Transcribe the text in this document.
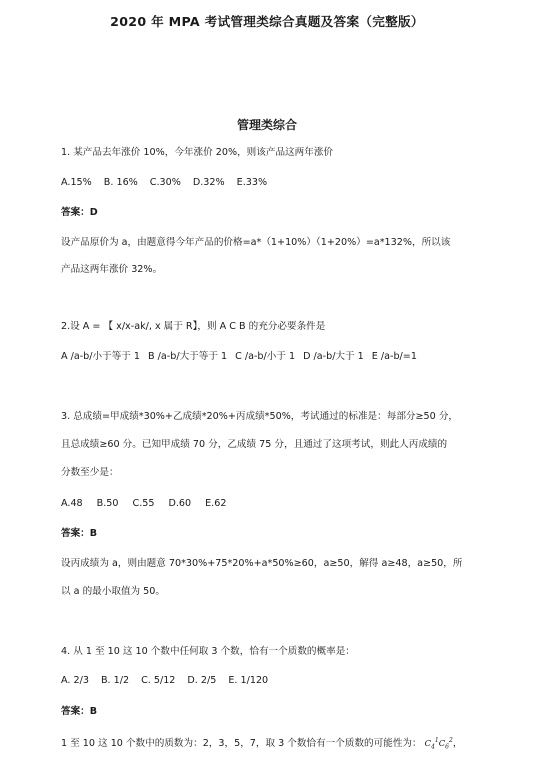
2020 年 MPA 考试管理类综合真题及答案（完整版）
管理类综合
1. 某产品去年涨价 10%，今年涨价 20%，则该产品这两年涨价
A.15% B. 16% C.30% D.32% E.33%
答案：D
设产品原价为 a，由题意得今年产品的价格=a*（1+10%）（1+20%）=a*132%，所以该
产品这两年涨价 32%。
2.设 A = 【 x/x-ak/, x 属于 R】，则 A C B 的充分必要条件是
A /a-b/小于等于 1 B /a-b/大于等于 1 C /a-b/小于 1 D /a-b/大于 1 E /a-b/=1
3. 总成绩=甲成绩*30%+乙成绩*20%+丙成绩*50%，考试通过的标准是：每部分≥50 分，
且总成绩≥60 分。已知甲成绩 70 分，乙成绩 75 分，且通过了这项考试，则此人丙成绩的
分数至少是：
A.48 B.50 C.55 D.60 E.62
答案：B
设丙成绩为 a，则由题意 70*30%+75*20%+a*50%≥60，a≥50，解得 a≥48，a≥50，所
以 a 的最小取值为 50。
4. 从 1 至 10 这 10 个数中任何取 3 个数，恰有一个质数的概率是：
A. 2/3 B. 1/2 C. 5/12 D. 2/5 E. 1/120
答案：B
1 至 10 这 10 个数中的质数为：2，3，5，7，取 3 个数恰有一个质数的可能性为： $C_4^1C_6^2$，
